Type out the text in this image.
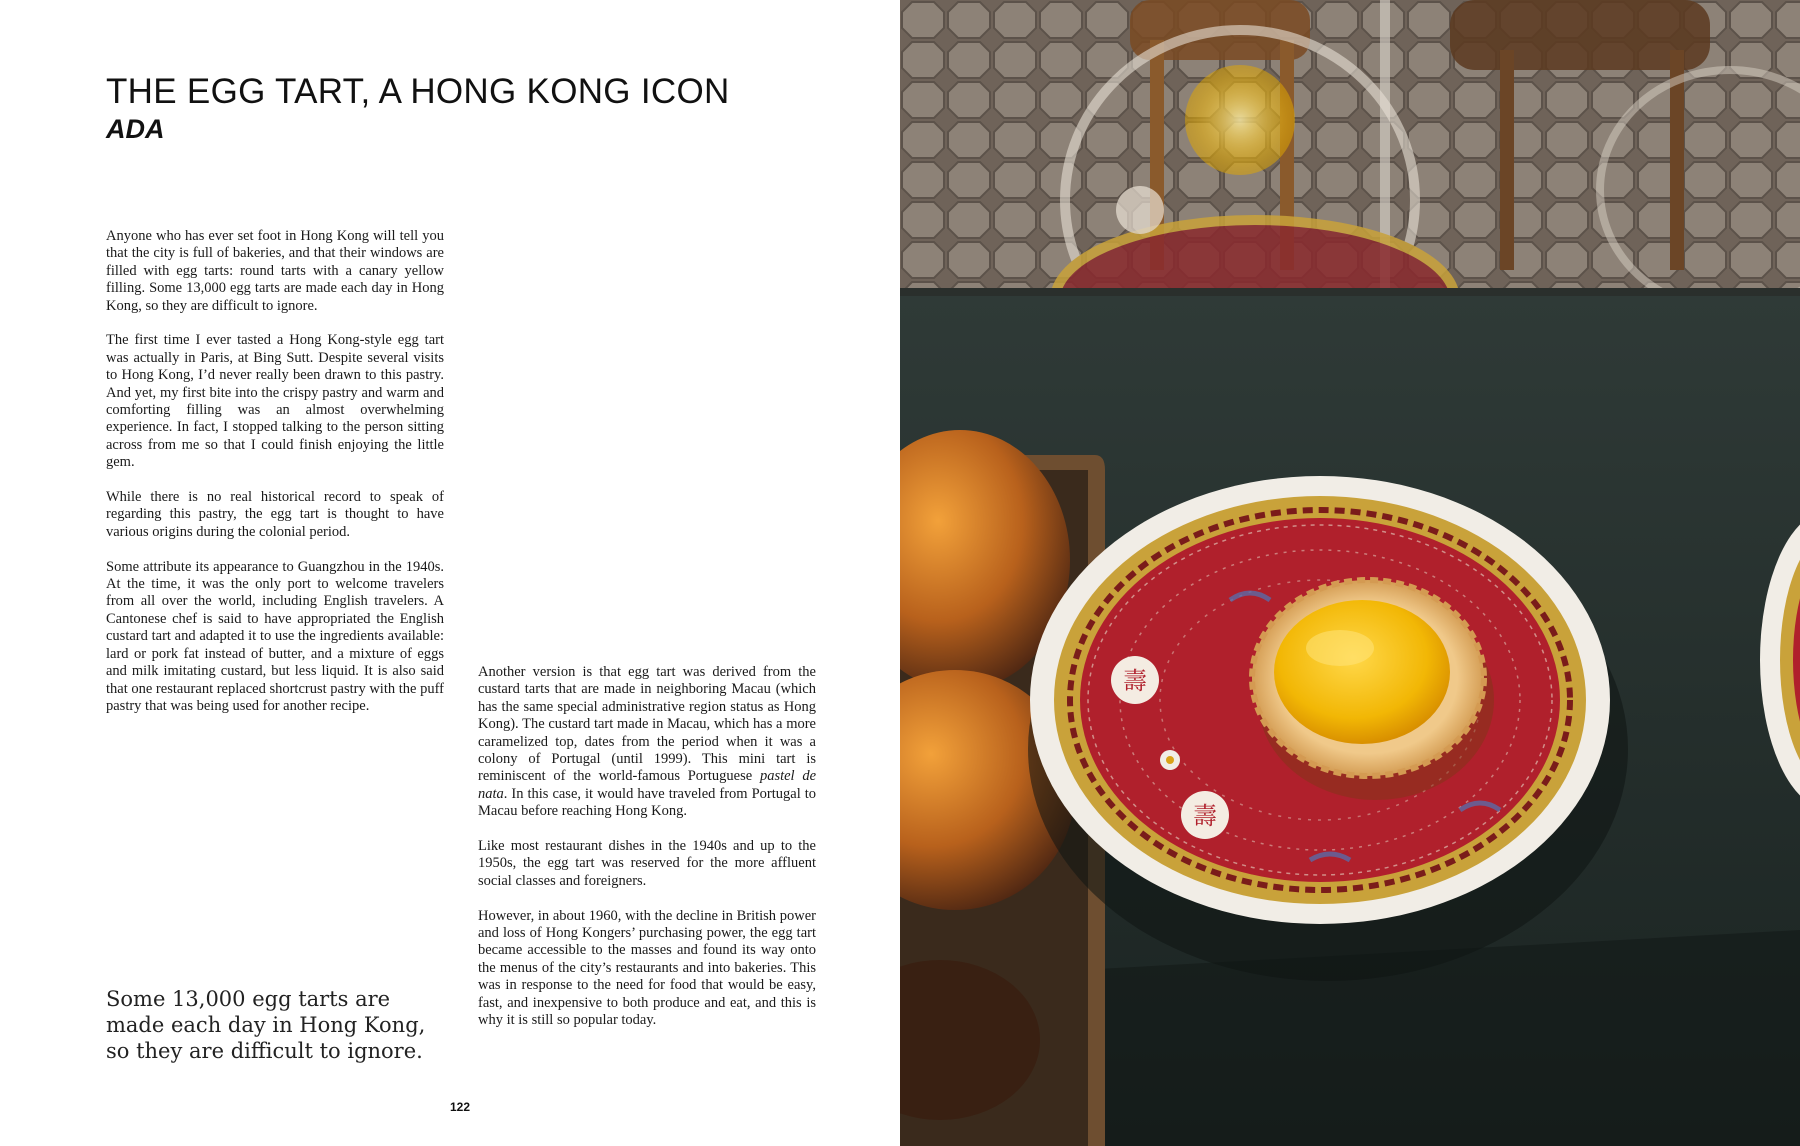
THE EGG TART, A HONG KONG ICON
ADA

Anyone who has ever set foot in Hong Kong will tell you that the city is full of bakeries, and that their windows are filled with egg tarts: round tarts with a canary yellow filling. Some 13,000 egg tarts are made each day in Hong Kong, so they are difficult to ignore.

The first time I ever tasted a Hong Kong-style egg tart was actually in Paris, at Bing Sutt. Despite several visits to Hong Kong, I’d never really been drawn to this pastry. And yet, my first bite into the crispy pastry and warm and comforting filling was an almost overwhelming experience. In fact, I stopped talking to the person sitting across from me so that I could finish enjoying the little gem.

While there is no real historical record to speak of regarding this pastry, the egg tart is thought to have various origins during the colonial period.

Some attribute its appearance to Guangzhou in the 1940s. At the time, it was the only port to welcome travelers from all over the world, including English travelers. A Cantonese chef is said to have appropriated the English custard tart and adapted it to use the ingredients available: lard or pork fat instead of butter, and a mixture of eggs and milk imitating custard, but less liquid. It is also said that one restaurant replaced shortcrust pastry with the puff pastry that was being used for another recipe.

Another version is that egg tart was derived from the custard tarts that are made in neighboring Macau (which has the same special administrative region status as Hong Kong). The custard tart made in Macau, which has a more caramelized top, dates from the period when it was a colony of Portugal (until 1999). This mini tart is reminiscent of the world-famous Portuguese pastel de nata. In this case, it would have traveled from Portugal to Macau before reaching Hong Kong.

Like most restaurant dishes in the 1940s and up to the 1950s, the egg tart was reserved for the more affluent social classes and foreigners.

However, in about 1960, with the decline in British power and loss of Hong Kongers’ purchasing power, the egg tart became accessible to the masses and found its way onto the menus of the city’s restaurants and into bakeries. This was in response to the need for food that would be easy, fast, and inexpensive to both produce and eat, and this is why it is still so popular today.

Some 13,000 egg tarts are made each day in Hong Kong, so they are difficult to ignore.

122
壽
壽
